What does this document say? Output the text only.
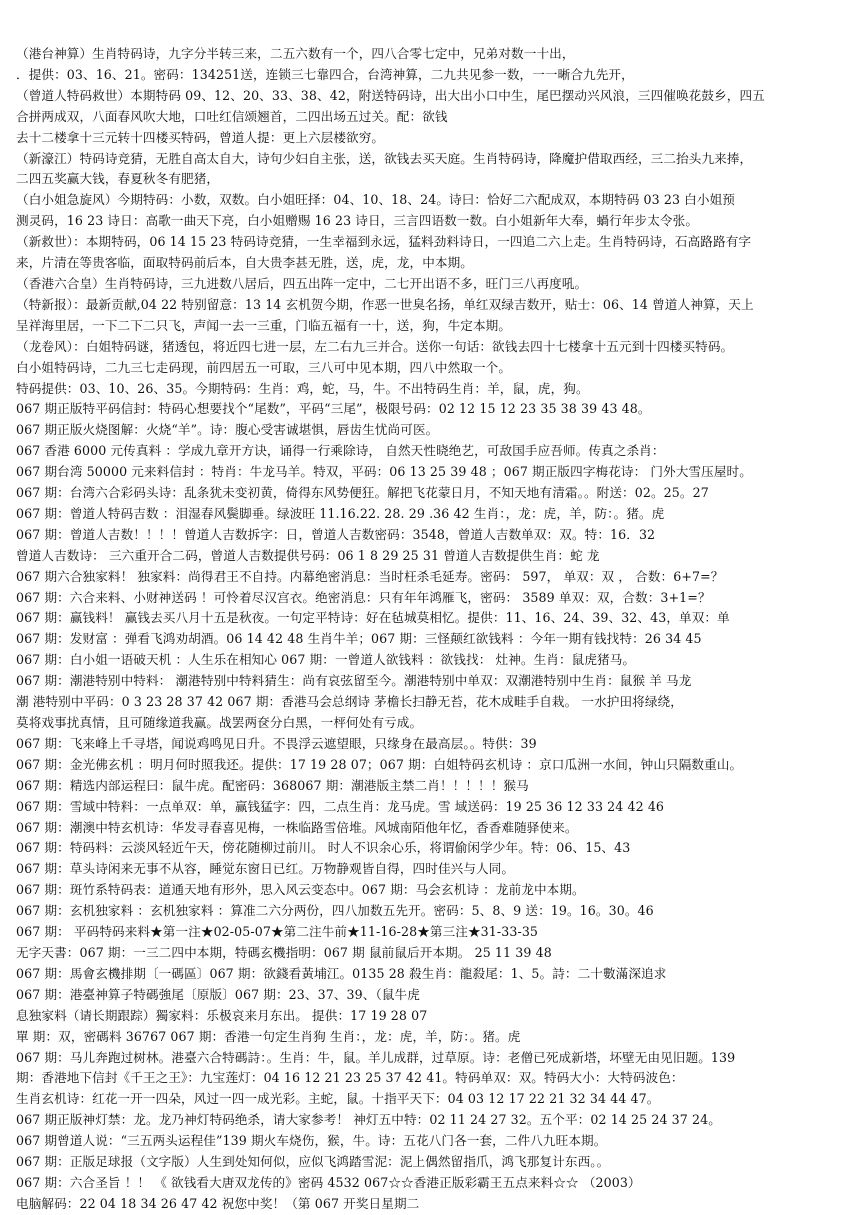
（港台神算）生肖特码诗，九字分半转三来，二五六数有一个，四八合零七定中，兄弟对数一十出，
．提供：03、16、21。密码：134251送，连锁三七靠四合，台湾神算，二九共见参一数，一一晰合九先开，
（曾道人特码救世）本期特码 09、12、20、33、38、42，附送特码诗，出大出小口中生，尾巴摆动兴风浪，三四催唤花鼓乡，四五
合拼两成双，八面春风吹大地，口吐红信颂翘首，二四出场五过关。配：欲钱
去十二楼拿十三元转十四楼买特码，曾道人提：更上六层楼欲穷。
（新濠江）特码诗竞猜，无胜自高太自大，诗句少妇自主张，送，欲钱去买天庭。生肖特码诗，降魔护借取西经，三二抬头九来捧，
二四五奖赢大钱，春夏秋冬有肥猪，
（白小姐急旋风）今期特码：小数，双数。白小姐旺择：04、10、18、24。诗曰：恰好二六配成双，本期特码 03 23 白小姐预
测灵码，16 23 诗日：高歌一曲天下亮，白小姐赠赐 16 23 诗日，三言四语数一数。白小姐新年大奉，蝸行年步太令张。
（新救世）：本期特码，06 14 15 23 特码诗竞猜，一生幸福到永远，猛料劲料诗日，一四追二六上走。生肖特码诗，石高路路有字
来，片清在等贵客临，面取特码前后本，自大贵李甚无胜，送，虎，龙，中本期。
（香港六合皇）生肖特码诗，三九进数八居后，四五出阵一定中，二七开出语不多，旺门三八再度吼。
（特新报）：最新贡献,04 22 特别留意：13 14 玄机贺今期，作恶一世臭名扬，单红双绿吉数开，贴士：06、14 曾道人神算，天上
呈祥海里居，一下二下二只飞，声闻一去一三重，门临五福有一十，送，狗，牛定本期。
（龙卷风）：白姐特码谜，猪透包，将近四七进一层，左二右九三并合。送你一句话：欲钱去四十七楼拿十五元到十四楼买特码。
白小姐特码诗，二九三七走码现，前四居五一可取，三八可中见本期，四八中然取一个。
特码提供：03、10、26、35。今期特码：生肖：鸡，蛇，马，牛。不出特码生肖：羊，鼠，虎，狗。
067 期正版特平码信封：特码心想要找个“尾数”，平码“三尾”，极限号码：02 12 15 12 23 35 38 39 43 48。
067 期正版火烧图解：火烧“羊”。诗：腹心受害诚堪惧，唇齿生忧尚可医。
067 香港 6000 元传真料 ：学成九章开方诀，诵得一行乘除诗， 自然天性晓绝艺，可敌国手应吾师。传真之杀肖：
067 期台湾 50000 元来料信封 ：特肖：牛龙马羊。特双，平码：06 13 25 39 48 ；067 期正版四字梅花诗： 门外大雪压屋时。
067 期：台湾六合彩码头诗：乱条犹未变初黄，倚得东风势便狂。解把飞花蒙日月，不知天地有清霜。。附送：02。25。27
067 期：曾道人特码吉数 ：泪湿春风鬓脚垂。绿波旺 11.16.22. 28. 29 .36 42 生肖：，龙：虎，羊，防：。猪。虎
067 期：曾道人吉数！！！！曾道人吉数拆字：日，曾道人吉数密码：3548，曾道人吉数单双：双。特：16．32
曾道人吉数诗： 三六重开合二码，曾道人吉数提供号码：06 1 8 29 25 31 曾道人吉数提供生肖：蛇 龙
067 期六合独家料！ 独家料：尚得君王不自持。内幕绝密消息：当时枉杀毛延寿。密码： 597， 单双：双 ， 合数：6+7=？
067 期：六合来料、小财神送码 ！可怜着尽汉宫衣。绝密消息：只有年年鸿雁飞，密码： 3589 单双：双，合数：3+1=？
067 期：赢钱料！ 赢钱去买八月十五是秋夜。一句定平特诗：好在毡城莫相忆。提供：11、16、24、39、32、43，单双：单
067 期：发财富 ：弹看飞鸿劝胡酒。06 14 42 48 生肖牛羊；067 期：三怪颠红欲钱料 ：今年一期有钱找特：26 34 45
067 期：白小姐一语破天机 ：人生乐在相知心 067 期：一曾道人欲钱料 ：欲钱找： 灶神。生肖：鼠虎猪马。
067 期：潮港特别中特料： 潮港特别中特料猜生：尚有哀弦留至今。潮港特别中单双：双潮港特别中生肖：鼠猴 羊 马龙
潮 港特别中平码：0 3 23 28 37 42 067 期：香港马会总纲诗 茅檐长扫静无苔，花木成畦手自栽。 一水护田将绿绕，
莫将戏事扰真情，且可随缘道我赢。战罢两奁分白黑，一枰何处有亏成。
067 期：飞来峰上千寻塔，闻说鸡鸣见日升。不畏浮云遮望眼，只缘身在最高层。。特供：39
067 期：金光佛玄机 ：明月何时照我还。提供：17 19 28 07；067 期：白姐特码玄机诗 ：京口瓜洲一水间，钟山只隔数重山。
067 期：精选内部运程曰：鼠牛虎。配密码：368067 期：潮港版主禁二肖！！！！！猴马
067 期：雪域中特料：一点单双：单，赢钱猛字：四，二点生肖：龙马虎。雪 域送码：19 25 36 12 33 24 42 46
067 期：潮澳中特玄机诗：华发寻春喜见梅，一株临路雪倍堆。风城南陌他年忆，香香难随驿使来。
067 期：特码料：云淡风轻近午天，傍花随柳过前川。 时人不识余心乐，将谓偷闲学少年。特：06、15、43
067 期：草头诗闲来无事不从容，睡觉东窗日已红。万物静观皆自得，四时佳兴与人同。
067 期：斑竹系特码表：道通天地有形外，思入风云变态中。067 期：马会玄机诗 ：龙前龙中本期。
067 期：玄机独家料 ：玄机独家料 ：算准二六分两份，四八加数五先开。密码：5、8、9 送：19。16。30。46
067 期： 平码特码来料★第一注★02-05-07★第二注牛前★11-16-28★第三注★31-33-35
无字天書：067 期：一三二四中本期，特碼玄機指明：067 期 鼠前鼠后开本期。 25 11 39 48
067 期：馬會玄機排期〔一碼區〕067 期：欲錢看黃埔江。0135 28 殺生肖：龍殺尾：1、5。詩：二十數滿深追求
067 期：港臺神算子特碼強尾〔原版〕067 期：23、37、39、（鼠牛虎
息独家料（请长期跟踪）獨家料：乐极哀来月东出。 提供：17 19 28 07
單 期：双，密碼料 36767 067 期：香港一句定生肖狗 生肖：，龙：虎，羊，防：。猪。虎
067 期：马儿奔跑过树林。港臺六合特碼詩：。生肖：牛，鼠。羊儿成群，过草原。诗：老僧已死成新塔，坏壁无由见旧题。139
期：香港地下信封《千王之王》：九宝莲灯：04 16 12 21 23 25 37 42 41。特码单双：双。特码大小：大特码波色：
生肖玄机诗：红花一开一四朵，风过一四一成光彩。主蛇，鼠。十指平天下：04 03 12 17 22 21 32 34 44 47。
067 期正版神灯禁：龙。龙乃神灯特码绝杀，请大家参考！ 神灯五中特：02 11 24 27 32。五个平：02 14 25 24 37 24。
067 期曾道人说：“三五两头运程佳”139 期火车烧伤，猴，牛。诗：五花八门各一套，二件八九旺本期。
067 期：正版足球报（文字版）人生到处知何似，应似飞鸿踏雪泥：泥上偶然留指爪，鸿飞那复计东西。。
067 期：六合圣旨 ！！ 《 欲钱看大唐双龙传的》密码 4532 067☆☆香港正版彩霸王五点来料☆☆ （2003）
电脑解码：22 04 18 34 26 47 42 祝您中奖！（第 067 开奖日星期二
